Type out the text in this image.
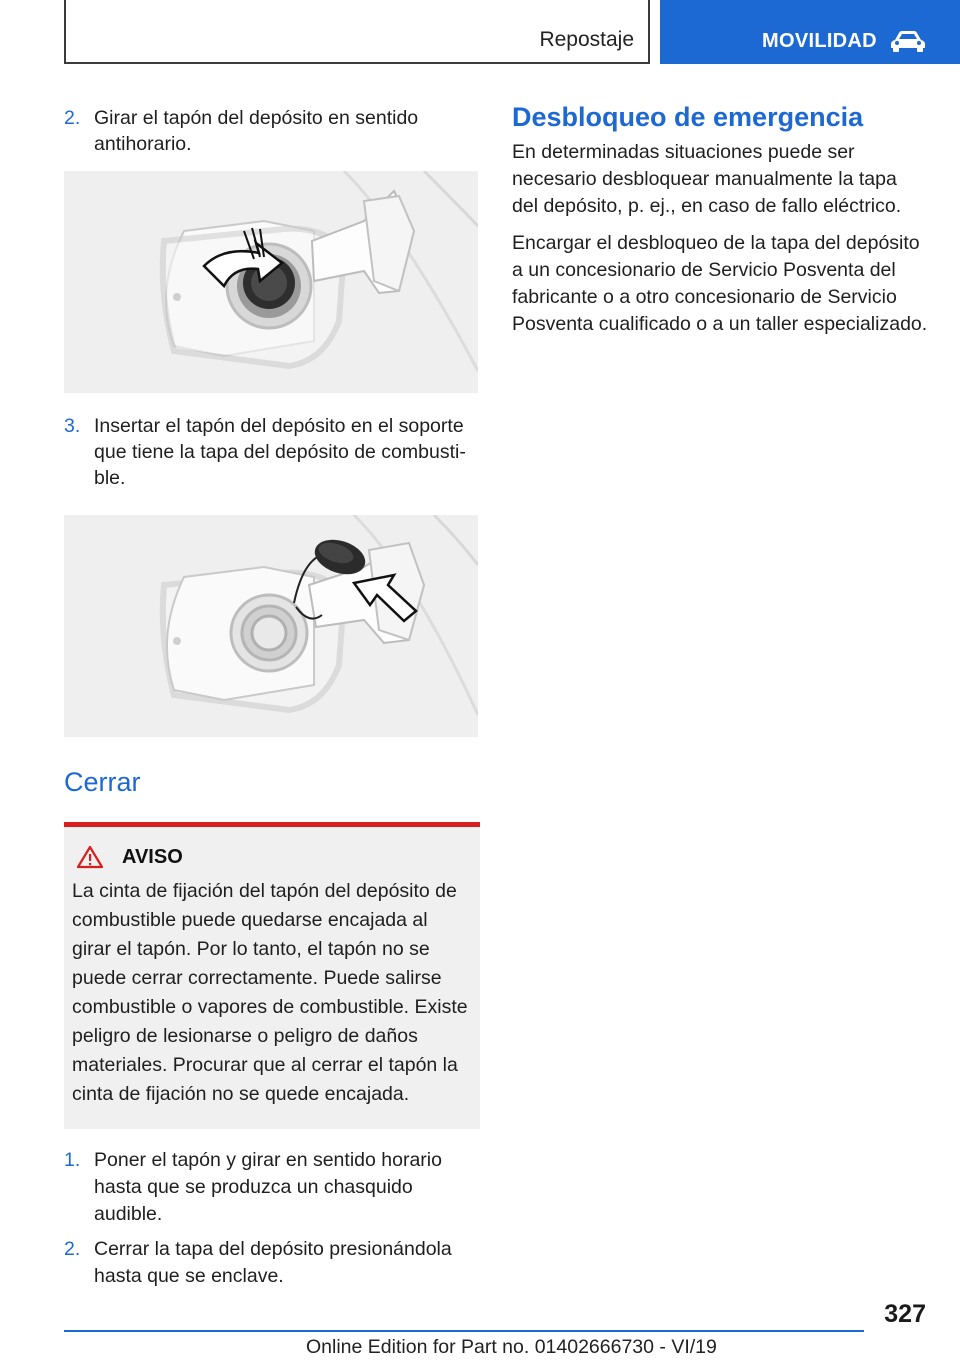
Repostaje	MOVILIDAD
2. Girar el tapón del depósito en sentido antihorario.
3. Insertar el tapón del depósito en el soporte que tiene la tapa del depósito de combustible.
Cerrar
AVISO
La cinta de fijación del tapón del depósito de combustible puede quedarse encajada al girar el tapón. Por lo tanto, el tapón no se puede cerrar correctamente. Puede salirse combustible o vapores de combustible. Existe peligro de lesionarse o peligro de daños materiales. Procurar que al cerrar el tapón la cinta de fijación no se quede encajada.
1. Poner el tapón y girar en sentido horario hasta que se produzca un chasquido audible.
2. Cerrar la tapa del depósito presionándola hasta que se enclave.
Desbloqueo de emergencia
En determinadas situaciones puede ser necesario desbloquear manualmente la tapa del depósito, p. ej., en caso de fallo eléctrico.
Encargar el desbloqueo de la tapa del depósito a un concesionario de Servicio Posventa del fabricante o a otro concesionario de Servicio Posventa cualificado o a un taller especializado.
327
Online Edition for Part no. 01402666730 - VI/19
